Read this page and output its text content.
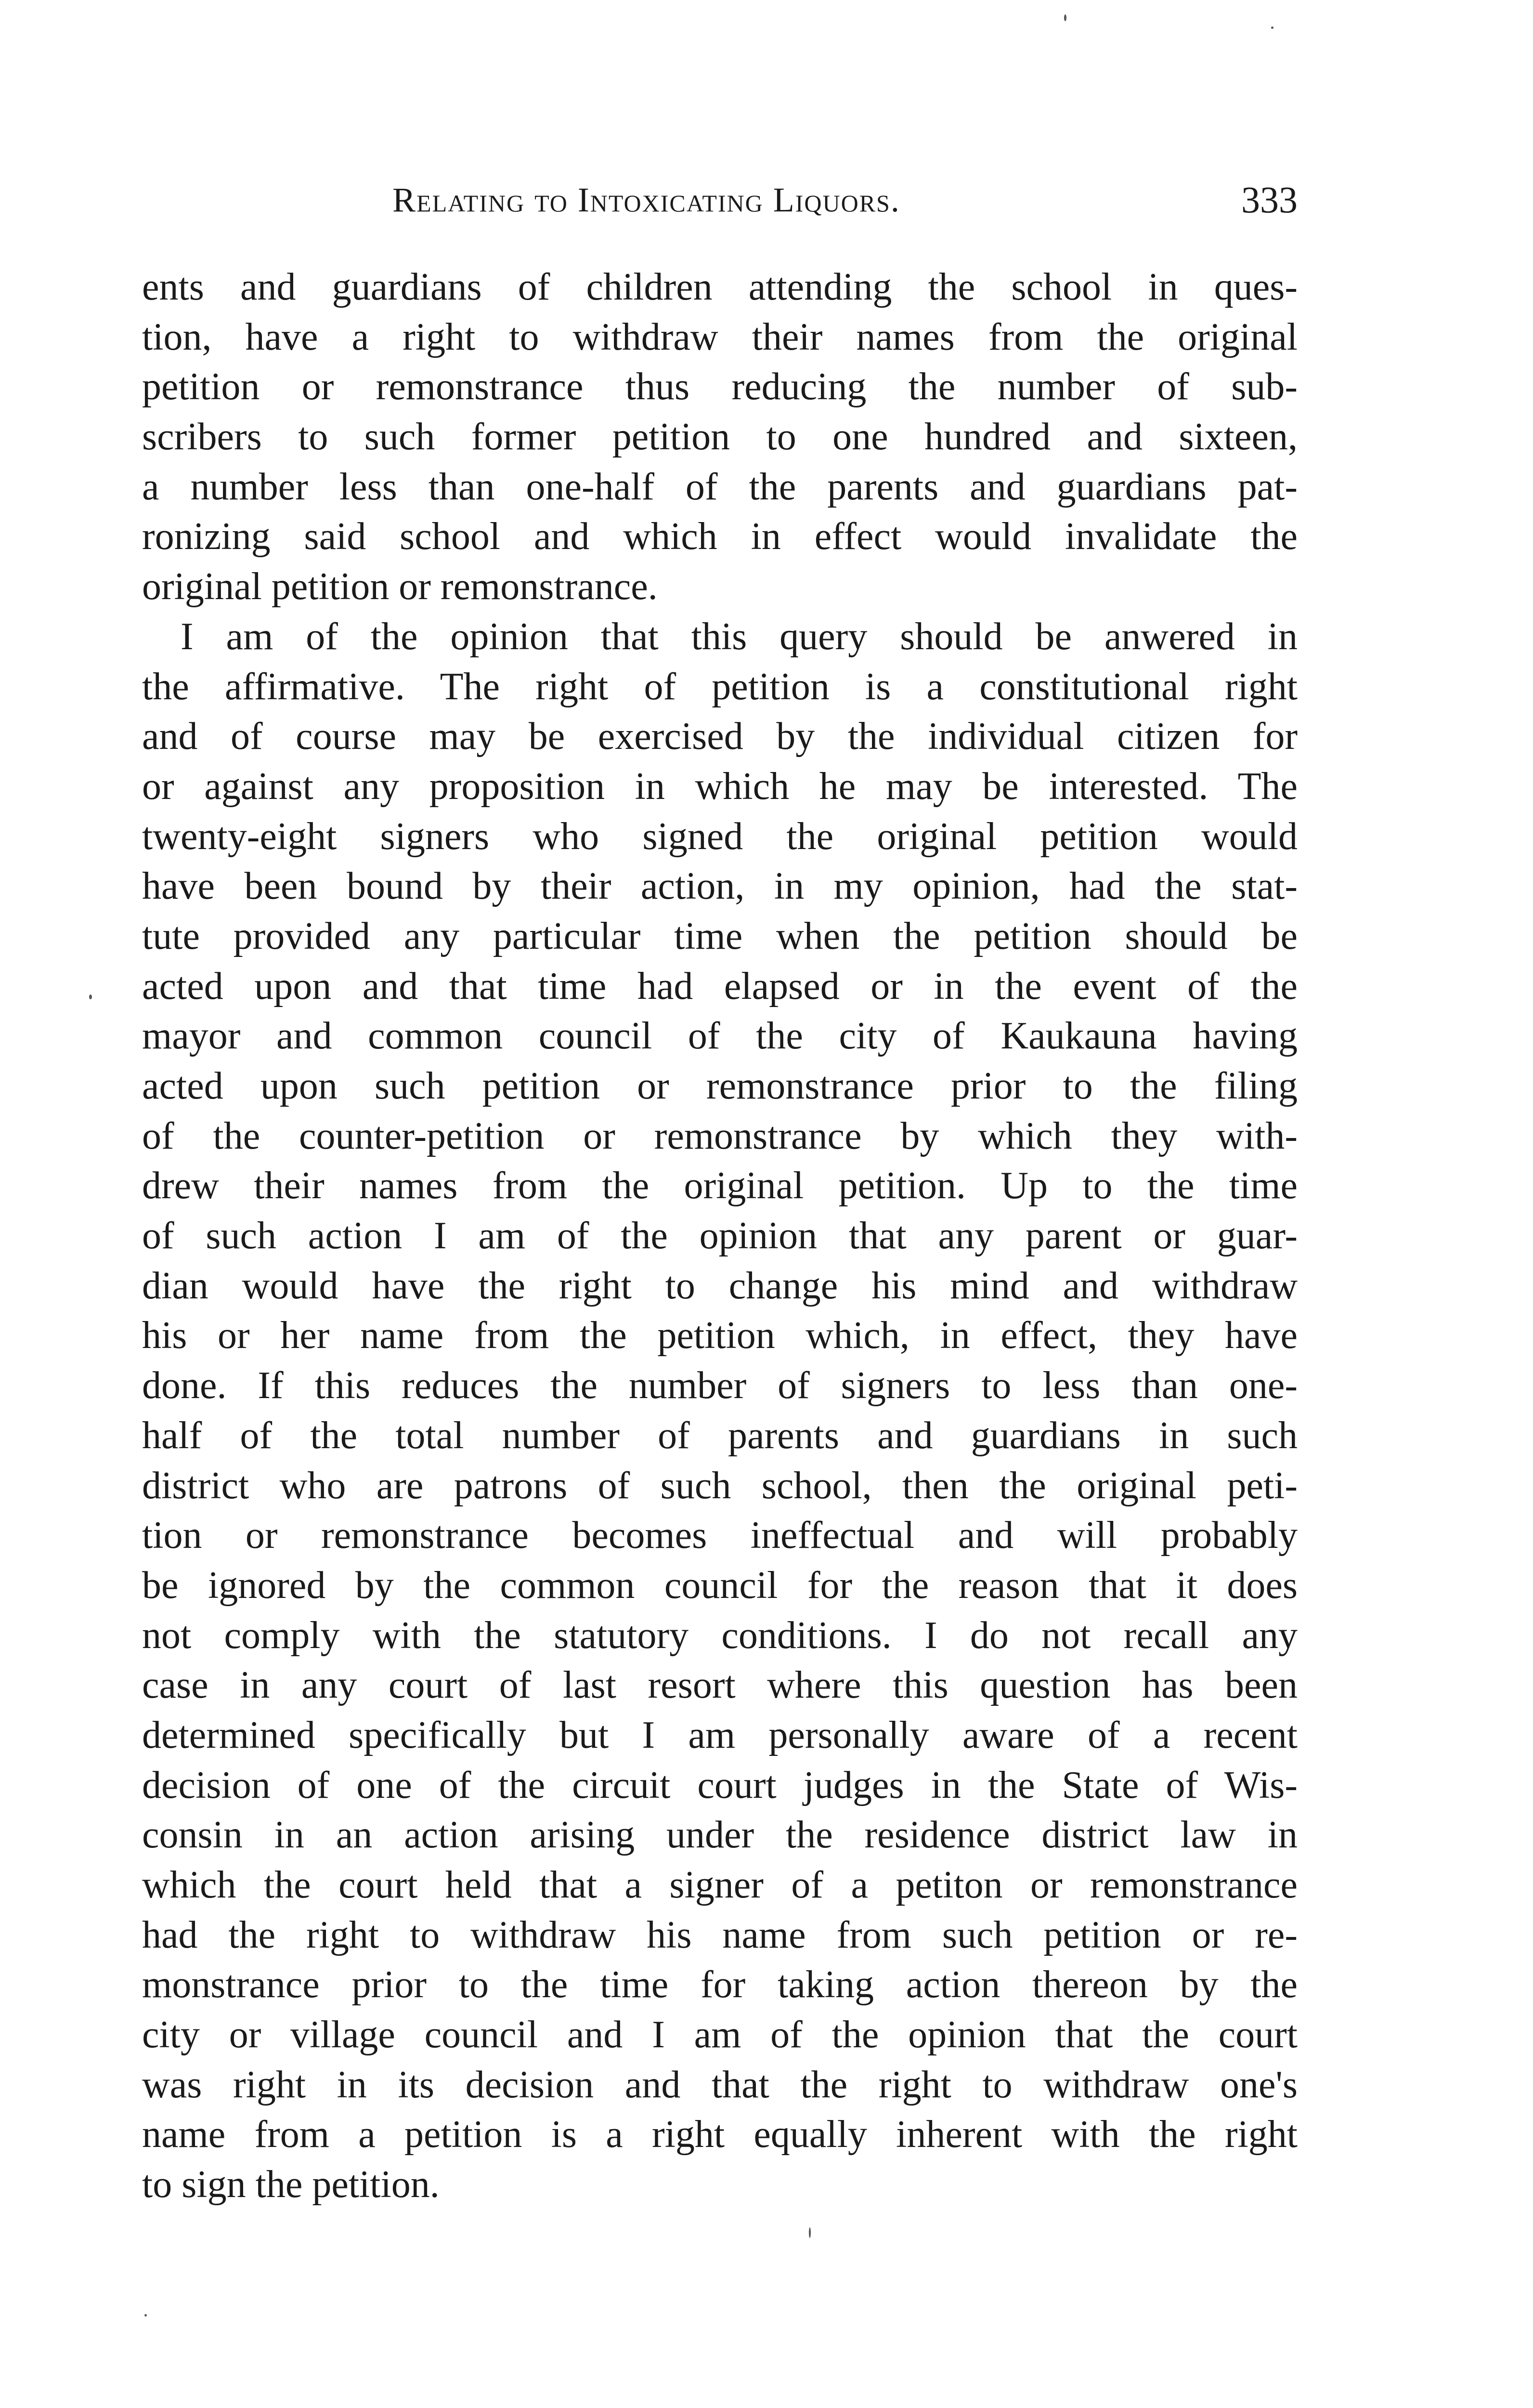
Relating to Intoxicating Liquors.	333
ents and guardians of children attending the school in ques-
tion, have a right to withdraw their names from the original
petition or remonstrance thus reducing the number of sub-
scribers to such former petition to one hundred and sixteen,
a number less than one-half of the parents and guardians pat-
ronizing said school and which in effect would invalidate the
original petition or remonstrance.
I am of the opinion that this query should be anwered in
the affirmative. The right of petition is a constitutional right
and of course may be exercised by the individual citizen for
or against any proposition in which he may be interested. The
twenty-eight signers who signed the original petition would
have been bound by their action, in my opinion, had the stat-
tute provided any particular time when the petition should be
acted upon and that time had elapsed or in the event of the
mayor and common council of the city of Kaukauna having
acted upon such petition or remonstrance prior to the filing
of the counter-petition or remonstrance by which they with-
drew their names from the original petition. Up to the time
of such action I am of the opinion that any parent or guar-
dian would have the right to change his mind and withdraw
his or her name from the petition which, in effect, they have
done. If this reduces the number of signers to less than one-
half of the total number of parents and guardians in such
district who are patrons of such school, then the original peti-
tion or remonstrance becomes ineffectual and will probably
be ignored by the common council for the reason that it does
not comply with the statutory conditions. I do not recall any
case in any court of last resort where this question has been
determined specifically but I am personally aware of a recent
decision of one of the circuit court judges in the State of Wis-
consin in an action arising under the residence district law in
which the court held that a signer of a petiton or remonstrance
had the right to withdraw his name from such petition or re-
monstrance prior to the time for taking action thereon by the
city or village council and I am of the opinion that the court
was right in its decision and that the right to withdraw one's
name from a petition is a right equally inherent with the right
to sign the petition.
